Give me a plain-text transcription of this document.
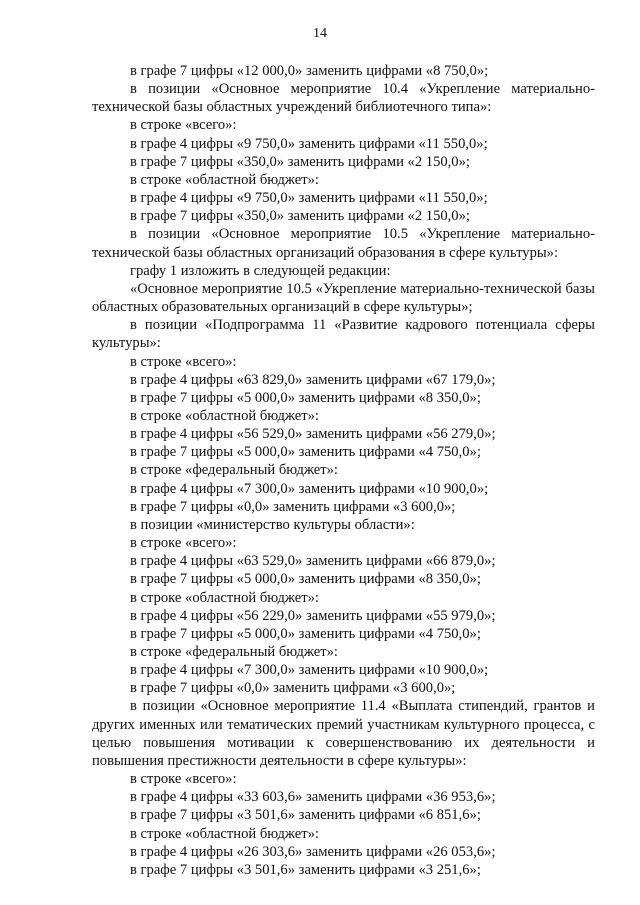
14

в графе 7 цифры «12 000,0» заменить цифрами «8 750,0»;

в позиции «Основное мероприятие 10.4 «Укрепление материально-технической базы областных учреждений библиотечного типа»:

в строке «всего»:

в графе 4 цифры «9 750,0» заменить цифрами «11 550,0»;

в графе 7 цифры «350,0» заменить цифрами «2 150,0»;

в строке «областной бюджет»:

в графе 4 цифры «9 750,0» заменить цифрами «11 550,0»;

в графе 7 цифры «350,0» заменить цифрами «2 150,0»;

в позиции «Основное мероприятие 10.5 «Укрепление материально-технической базы областных организаций образования в сфере культуры»:

графу 1 изложить в следующей редакции:

«Основное мероприятие 10.5 «Укрепление материально-технической базы областных образовательных организаций в сфере культуры»;

в позиции «Подпрограмма 11 «Развитие кадрового потенциала сферы культуры»:

в строке «всего»:

в графе 4 цифры «63 829,0» заменить цифрами «67 179,0»;

в графе 7 цифры «5 000,0» заменить цифрами «8 350,0»;

в строке «областной бюджет»:

в графе 4 цифры «56 529,0» заменить цифрами «56 279,0»;

в графе 7 цифры «5 000,0» заменить цифрами «4 750,0»;

в строке «федеральный бюджет»:

в графе 4 цифры «7 300,0» заменить цифрами «10 900,0»;

в графе 7 цифры «0,0» заменить цифрами «3 600,0»;

в позиции «министерство культуры области»:

в строке «всего»:

в графе 4 цифры «63 529,0» заменить цифрами «66 879,0»;

в графе 7 цифры «5 000,0» заменить цифрами «8 350,0»;

в строке «областной бюджет»:

в графе 4 цифры «56 229,0» заменить цифрами «55 979,0»;

в графе 7 цифры «5 000,0» заменить цифрами «4 750,0»;

в строке «федеральный бюджет»:

в графе 4 цифры «7 300,0» заменить цифрами «10 900,0»;

в графе 7 цифры «0,0» заменить цифрами «3 600,0»;

в позиции «Основное мероприятие 11.4 «Выплата стипендий, грантов и других именных или тематических премий участникам культурного процесса, с целью повышения мотивации к совершенствованию их деятельности и повышения престижности деятельности в сфере культуры»:

в строке «всего»:

в графе 4 цифры «33 603,6» заменить цифрами «36 953,6»;

в графе 7 цифры «3 501,6» заменить цифрами «6 851,6»;

в строке «областной бюджет»:

в графе 4 цифры «26 303,6» заменить цифрами «26 053,6»;

в графе 7 цифры «3 501,6» заменить цифрами «3 251,6»;
